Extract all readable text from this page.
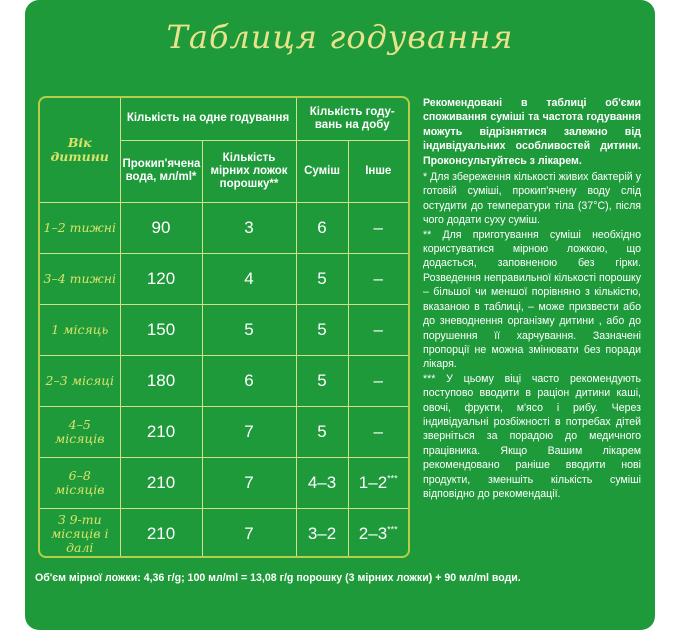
Таблиця годування
Вік дитини	Кількість на одне годування		Кількість году-вань на добу	
	Прокип'ячена вода, мл/ml*	Кількість мірних ложок порошку**	Суміш	Інше
1–2 тижні	90	3	6	–
3–4 тижні	120	4	5	–
1 місяць	150	5	5	–
2–3 місяці	180	6	5	–
4–5 місяців	210	7	5	–
6–8 місяців	210	7	4–3	1–2***
З 9-ти місяців і далі	210	7	3–2	2–3***

Рекомендовані в таблиці об'єми споживання суміші та частота годування можуть відрізнятися залежно від індивідуальних особливостей дитини. Проконсультуйтесь з лікарем.

* Для збереження кількості живих бактерій у готовій суміші, прокип'ячену воду слід остудити до температури тіла (37°С), після чого додати суху суміш.

** Для приготування суміші необхідно користуватися мірною ложкою, що додається, заповненою без гірки. Розведення неправильної кількості порошку – більшої чи меншої порівняно з кількістю, вказаною в таблиці, – може призвести або до зневоднення організму дитини , або до порушення її харчування. Зазначені пропорції не можна змінювати без поради лікаря.

*** У цьому віці часто рекомендують поступово вводити в раціон дитини каші, овочі, фрукти, м'ясо і рибу. Через індивідуальні розбіжності в потребах дітей зверніться за порадою до медичного працівника. Якщо Вашим лікарем рекомендовано раніше вводити нові продукти, зменшіть кількість суміші відповідно до рекомендації.

Об'єм мірної ложки: 4,36 г/g; 100 мл/ml = 13,08 г/g порошку (3 мірних ложки) + 90 мл/ml води.
